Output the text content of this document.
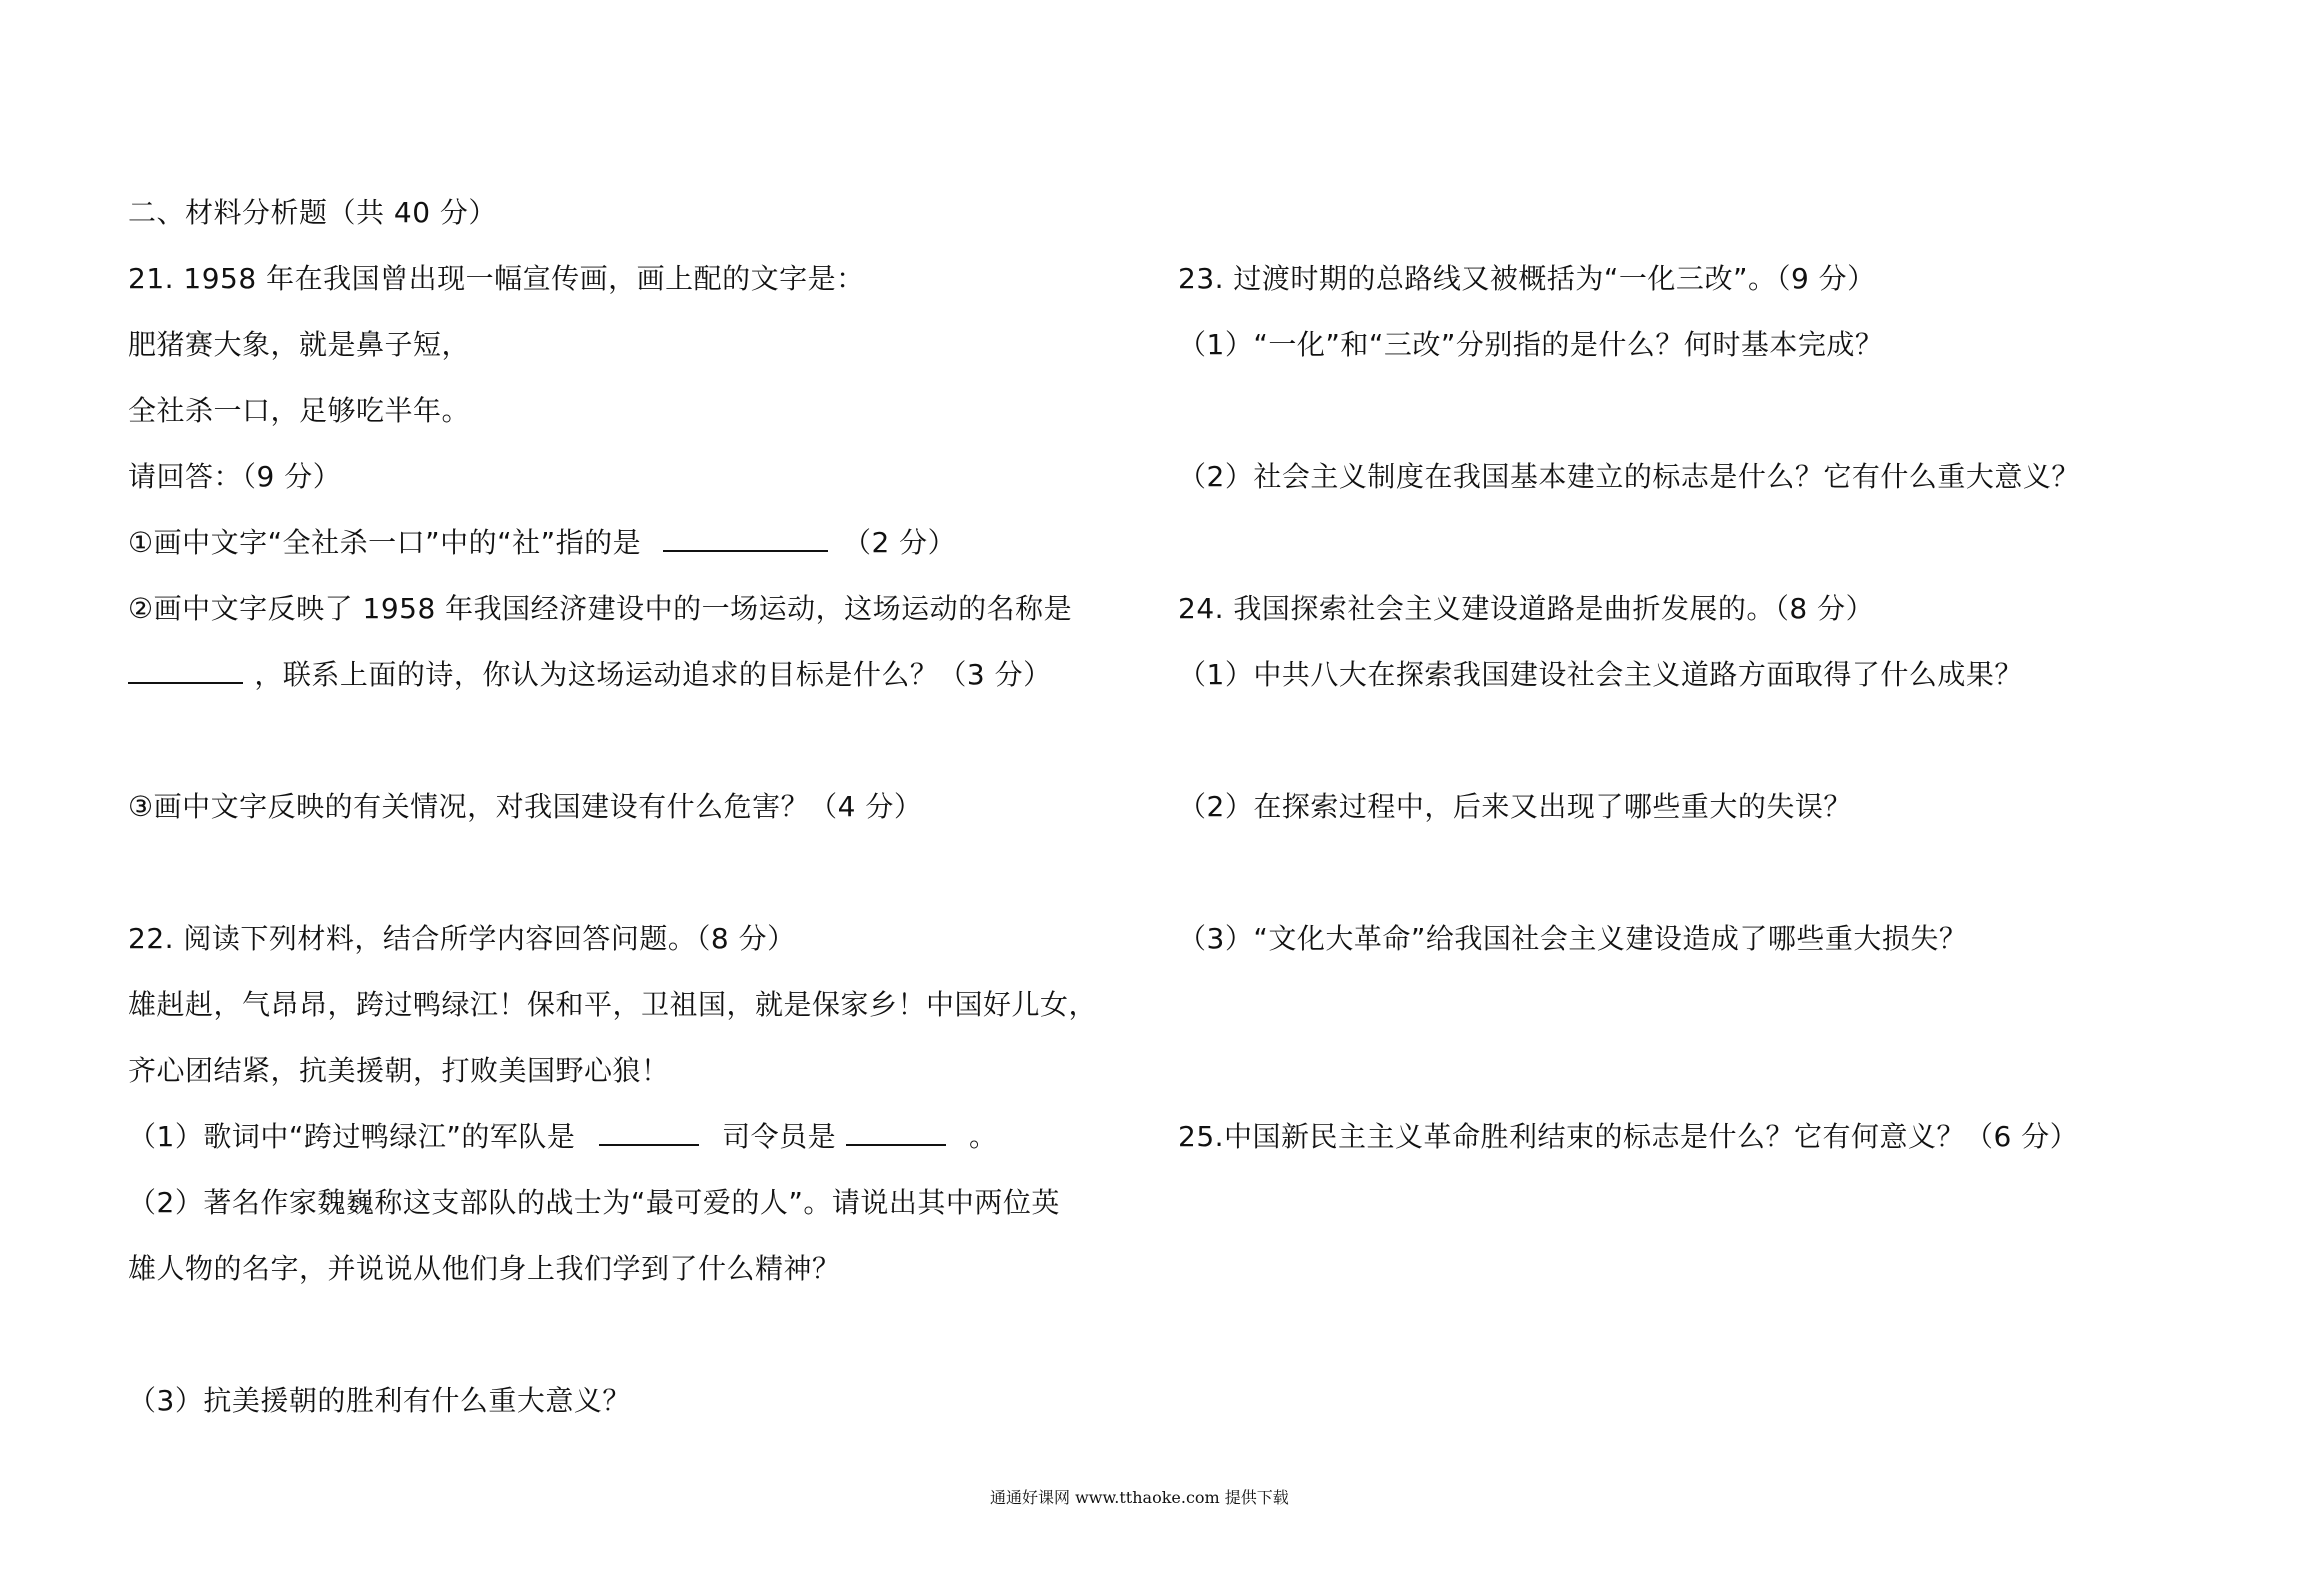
二、材料分析题（共 40 分）
21. 1958 年在我国曾出现一幅宣传画，画上配的文字是：
肥猪赛大象，就是鼻子短，
全社杀一口，足够吃半年。
请回答：（9 分）
①画中文字“全社杀一口”中的“社”指的是	（2 分）
②画中文字反映了 1958 年我国经济建设中的一场运动，这场运动的名称是
，联系上面的诗，你认为这场运动追求的目标是什么？（3 分）
③画中文字反映的有关情况，对我国建设有什么危害？（4 分）
22. 阅读下列材料，结合所学内容回答问题。（8 分）
雄赳赳，气昂昂，跨过鸭绿江！保和平，卫祖国，就是保家乡！中国好儿女，
齐心团结紧，抗美援朝，打败美国野心狼！
（1）歌词中“跨过鸭绿江”的军队是	司令员是	。
（2）著名作家魏巍称这支部队的战士为“最可爱的人”。请说出其中两位英
雄人物的名字，并说说从他们身上我们学到了什么精神？
（3）抗美援朝的胜利有什么重大意义？
23. 过渡时期的总路线又被概括为“一化三改”。（9 分）
（1）“一化”和“三改”分别指的是什么？何时基本完成？
（2）社会主义制度在我国基本建立的标志是什么？它有什么重大意义？
24. 我国探索社会主义建设道路是曲折发展的。（8 分）
（1）中共八大在探索我国建设社会主义道路方面取得了什么成果？
（2）在探索过程中，后来又出现了哪些重大的失误？
（3）“文化大革命”给我国社会主义建设造成了哪些重大损失？
25.中国新民主主义革命胜利结束的标志是什么？它有何意义？（6 分）
通通好课网 www.tthaoke.com 提供下载
